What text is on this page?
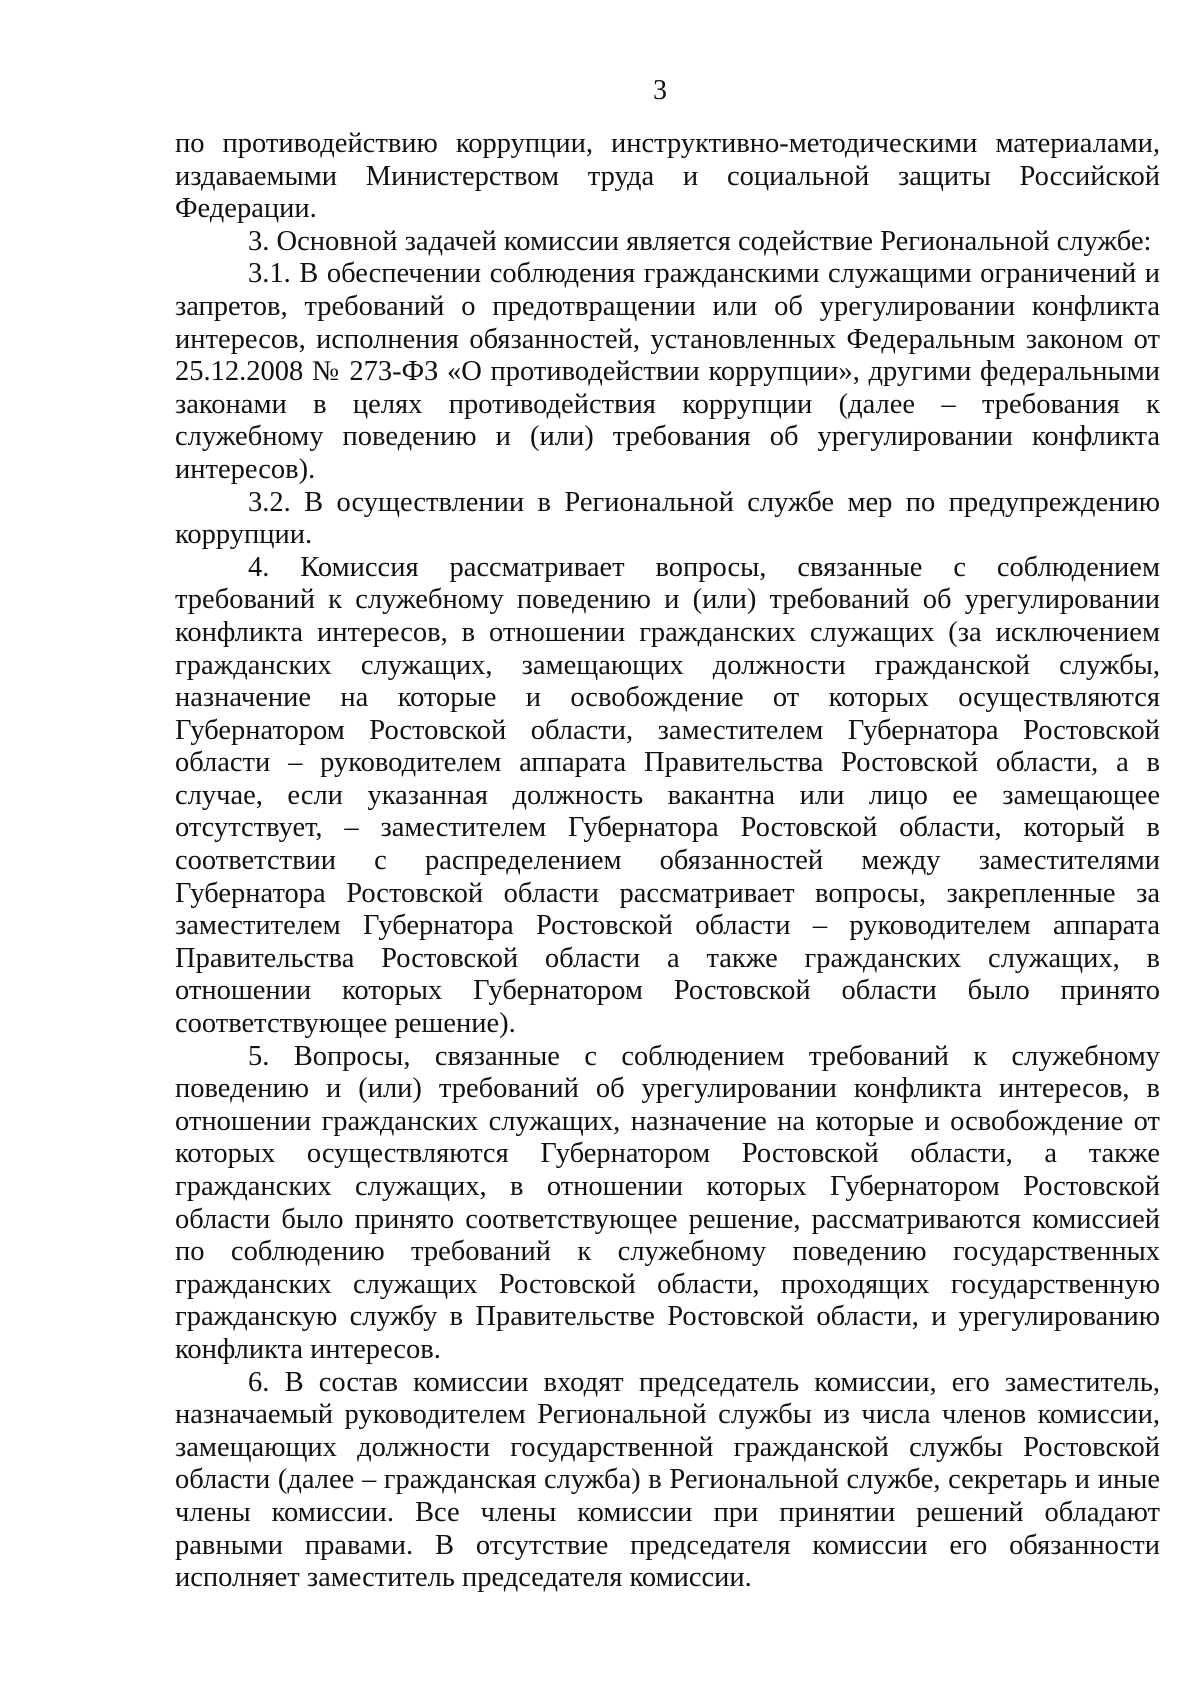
3

по противодействию коррупции, инструктивно-методическими материалами, издаваемыми Министерством труда и социальной защиты Российской Федерации.

3. Основной задачей комиссии является содействие Региональной службе:

3.1. В обеспечении соблюдения гражданскими служащими ограничений и запретов, требований о предотвращении или об урегулировании конфликта интересов, исполнения обязанностей, установленных Федеральным законом от 25.12.2008 № 273-ФЗ «О противодействии коррупции», другими федеральными законами в целях противодействия коррупции (далее – требования к служебному поведению и (или) требования об урегулировании конфликта интересов).

3.2. В осуществлении в Региональной службе мер по предупреждению коррупции.

4. Комиссия рассматривает вопросы, связанные с соблюдением требований к служебному поведению и (или) требований об урегулировании конфликта интересов, в отношении гражданских служащих (за исключением гражданских служащих, замещающих должности гражданской службы, назначение на которые и освобождение от которых осуществляются Губернатором Ростовской области, заместителем Губернатора Ростовской области – руководителем аппарата Правительства Ростовской области, а в случае, если указанная должность вакантна или лицо ее замещающее отсутствует, – заместителем Губернатора Ростовской области, который в соответствии с распределением обязанностей между заместителями Губернатора Ростовской области рассматривает вопросы, закрепленные за заместителем Губернатора Ростовской области – руководителем аппарата Правительства Ростовской области а также гражданских служащих, в отношении которых Губернатором Ростовской области было принято соответствующее решение).

5. Вопросы, связанные с соблюдением требований к служебному поведению и (или) требований об урегулировании конфликта интересов, в отношении гражданских служащих, назначение на которые и освобождение от которых осуществляются Губернатором Ростовской области, а также гражданских служащих, в отношении которых Губернатором Ростовской области было принято соответствующее решение, рассматриваются комиссией по соблюдению требований к служебному поведению государственных гражданских служащих Ростовской области, проходящих государственную гражданскую службу в Правительстве Ростовской области, и урегулированию конфликта интересов.

6. В состав комиссии входят председатель комиссии, его заместитель, назначаемый руководителем Региональной службы из числа членов комиссии, замещающих должности государственной гражданской службы Ростовской области (далее – гражданская служба) в Региональной службе, секретарь и иные члены комиссии. Все члены комиссии при принятии решений обладают равными правами. В отсутствие председателя комиссии его обязанности исполняет заместитель председателя комиссии.
